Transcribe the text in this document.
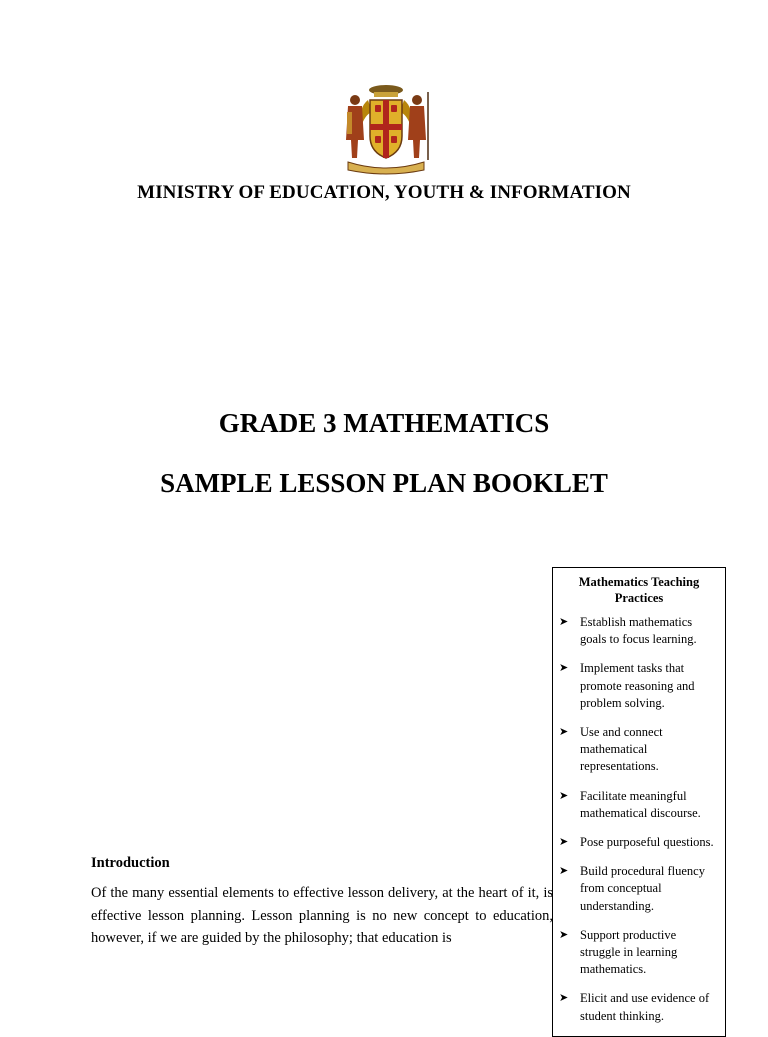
MINISTRY OF EDUCATION, YOUTH & INFORMATION
GRADE 3 MATHEMATICS
SAMPLE LESSON PLAN BOOKLET
Mathematics Teaching Practices
➤ Establish mathematics goals to focus learning.
➤ Implement tasks that promote reasoning and problem solving.
➤ Use and connect mathematical representations.
➤ Facilitate meaningful mathematical discourse.
➤ Pose purposeful questions.
➤ Build procedural fluency from conceptual understanding.
➤ Support productive struggle in learning mathematics.
➤ Elicit and use evidence of student thinking.
Introduction

Of the many essential elements to effective lesson delivery, at the heart of it, is effective lesson planning. Lesson planning is no new concept to education, however, if we are guided by the philosophy; that education is
